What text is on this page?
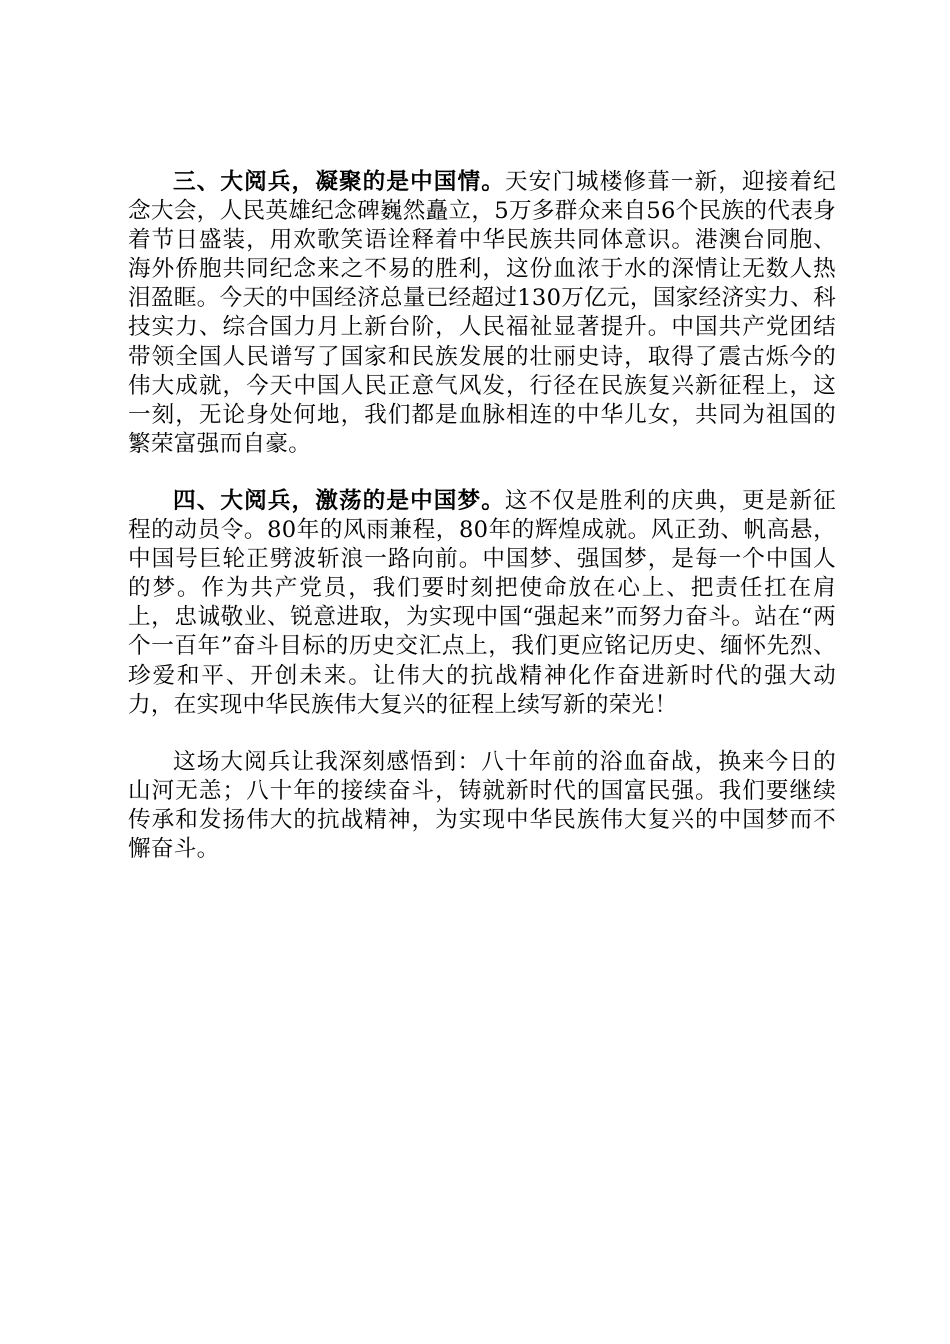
三、大阅兵，凝聚的是中国情。天安门城楼修葺一新，迎接着纪念大会，人民英雄纪念碑巍然矗立，5万多群众来自56个民族的代表身着节日盛装，用欢歌笑语诠释着中华民族共同体意识。港澳台同胞、海外侨胞共同纪念来之不易的胜利，这份血浓于水的深情让无数人热泪盈眶。今天的中国经济总量已经超过130万亿元，国家经济实力、科技实力、综合国力月上新台阶，人民福祉显著提升。中国共产党团结带领全国人民谱写了国家和民族发展的壮丽史诗，取得了震古烁今的伟大成就，今天中国人民正意气风发，行径在民族复兴新征程上，这一刻，无论身处何地，我们都是血脉相连的中华儿女，共同为祖国的繁荣富强而自豪。

四、大阅兵，激荡的是中国梦。这不仅是胜利的庆典，更是新征程的动员令。80年的风雨兼程，80年的辉煌成就。风正劲、帆高悬，中国号巨轮正劈波斩浪一路向前。中国梦、强国梦，是每一个中国人的梦。作为共产党员，我们要时刻把使命放在心上、把责任扛在肩上，忠诚敬业、锐意进取，为实现中国“强起来”而努力奋斗。站在“两个一百年”奋斗目标的历史交汇点上，我们更应铭记历史、缅怀先烈、珍爱和平、开创未来。让伟大的抗战精神化作奋进新时代的强大动力，在实现中华民族伟大复兴的征程上续写新的荣光！

这场大阅兵让我深刻感悟到：八十年前的浴血奋战，换来今日的山河无恙；八十年的接续奋斗，铸就新时代的国富民强。我们要继续传承和发扬伟大的抗战精神，为实现中华民族伟大复兴的中国梦而不懈奋斗。
